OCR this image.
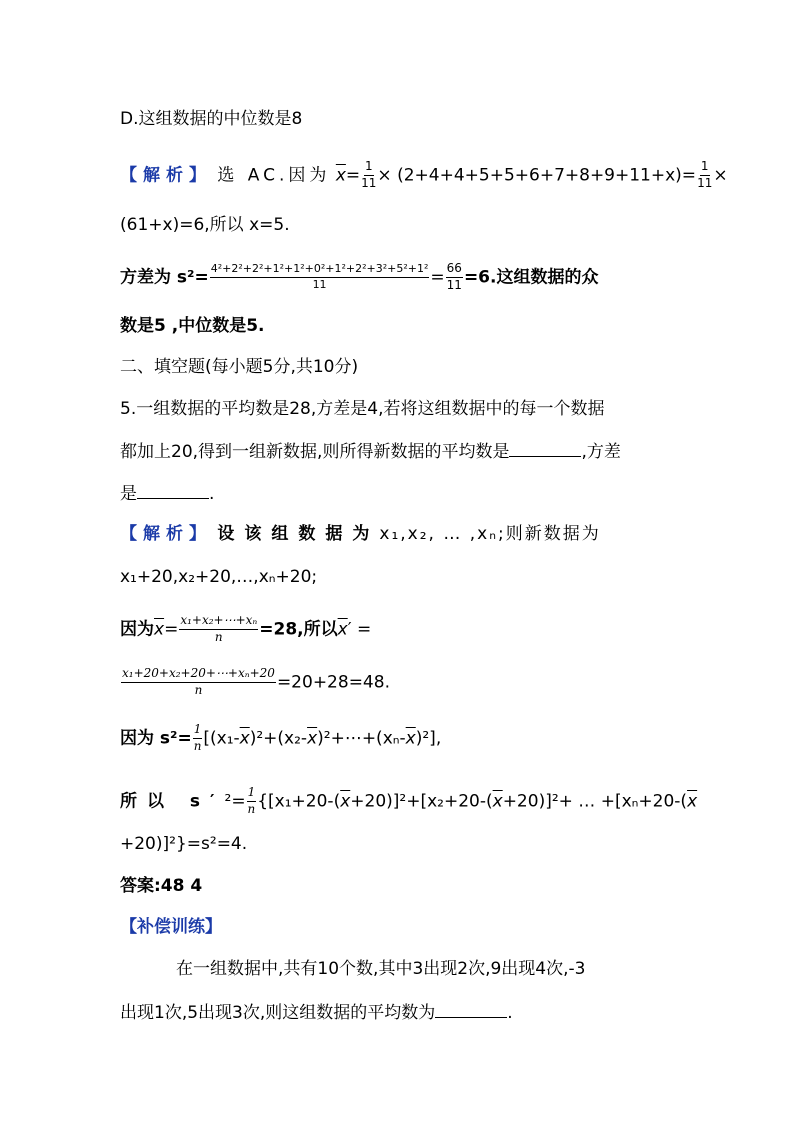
D.这组数据的中位数是8
【解析】 选 AC.因为 $\overline{x}= \frac{1}{11} \times (2+4+4+5+5+6+7+8+9+11+x)= \frac{1}{11}$ ×
(61+x)=6,所以 x=5.
方差为 $s^2= \frac{\text{4²+2²+2²+1²+1²+0²+1²+2²+3²+5²+1²}}{11} = \frac{66}{11} =6$.这组数据的众
数是5 ,中位数是5.
二、填空题(每小题5分,共10分)
5.一组数据的平均数是28,方差是4,若将这组数据中的每一个数据
都加上20,得到一组新数据,则所得新数据的平均数是	,方差
是	.
【解析】 设该组数据为x₁,x₂, … ,xₙ;则新数据为
x₁+20,x₂+20,…,xₙ+20;
因为$\overline{x}= \frac{\text{x₁+x₂+⋯+xₙ}}{n} =28$,所以$\overline{x}'$ =
$\frac{\text{x₁+20+x₂+20+⋯+xₙ+20}}{n} =20+28=48$.
因为 $s^2= \frac{1}{n}$ $[(x_1-\overline{x})^2+(x_2-\overline{x})^2+\cdots+(x_n-\overline{x})^2]$,
所以 $s'^2= \frac{1}{n} \{[x_1+20-(\overline{x}+20)]^2+[x_2+20-(\overline{x}+20)]^2+$ … $+[x_n+20-(\overline{x}$
+20)]²}=s²=4.
答案:48 4
【补偿训练】
在一组数据中,共有10个数,其中3出现2次,9出现4次,-3
出现1次,5出现3次,则这组数据的平均数为	.
